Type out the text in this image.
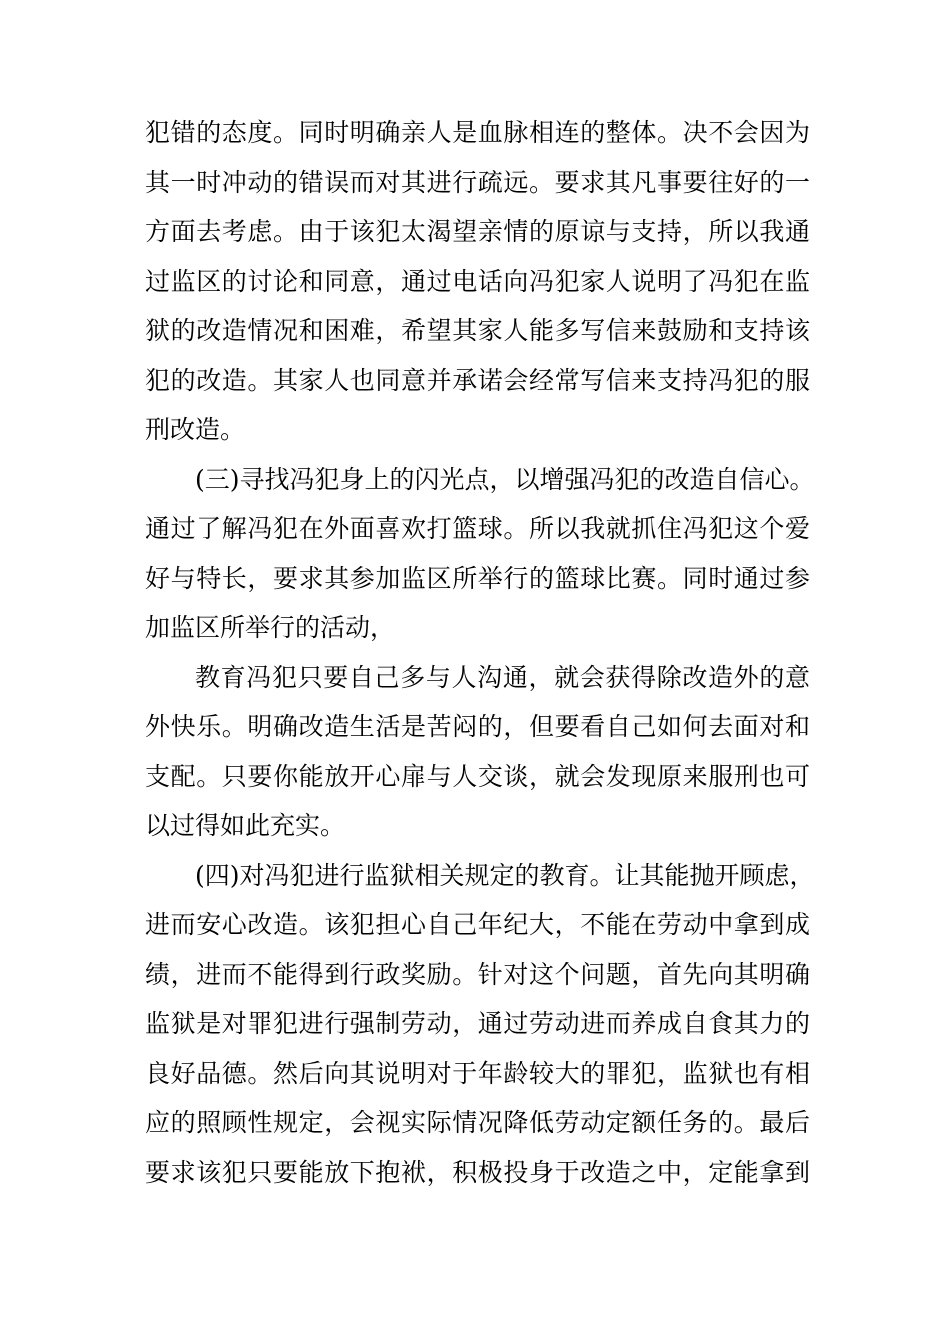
犯错的态度。同时明确亲人是血脉相连的整体。决不会因为
其一时冲动的错误而对其进行疏远。要求其凡事要往好的一
方面去考虑。由于该犯太渴望亲情的原谅与支持，所以我通
过监区的讨论和同意，通过电话向冯犯家人说明了冯犯在监
狱的改造情况和困难，希望其家人能多写信来鼓励和支持该
犯的改造。其家人也同意并承诺会经常写信来支持冯犯的服
刑改造。

(三)寻找冯犯身上的闪光点，以增强冯犯的改造自信心。
通过了解冯犯在外面喜欢打篮球。所以我就抓住冯犯这个爱
好与特长，要求其参加监区所举行的篮球比赛。同时通过参
加监区所举行的活动，

教育冯犯只要自己多与人沟通，就会获得除改造外的意
外快乐。明确改造生活是苦闷的，但要看自己如何去面对和
支配。只要你能放开心扉与人交谈，就会发现原来服刑也可
以过得如此充实。

(四)对冯犯进行监狱相关规定的教育。让其能抛开顾虑，
进而安心改造。该犯担心自己年纪大，不能在劳动中拿到成
绩，进而不能得到行政奖励。针对这个问题，首先向其明确
监狱是对罪犯进行强制劳动，通过劳动进而养成自食其力的
良好品德。然后向其说明对于年龄较大的罪犯，监狱也有相
应的照顾性规定，会视实际情况降低劳动定额任务的。最后
要求该犯只要能放下抱袱，积极投身于改造之中，定能拿到
